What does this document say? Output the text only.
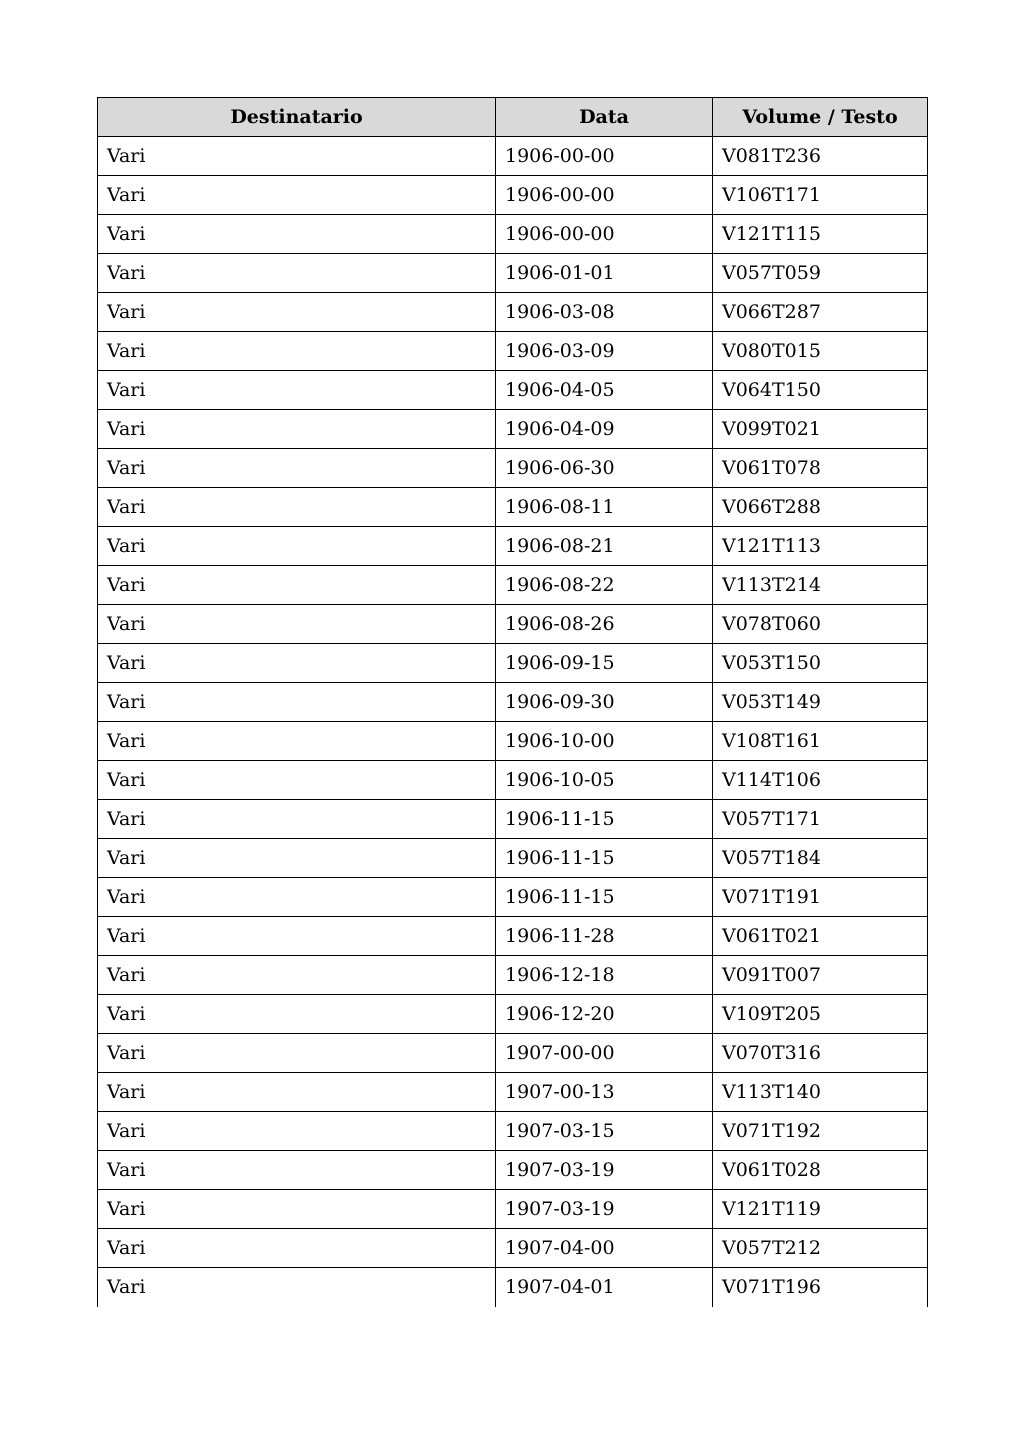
Destinatario	Data	Volume / Testo
Vari	1906-00-00	V081T236
Vari	1906-00-00	V106T171
Vari	1906-00-00	V121T115
Vari	1906-01-01	V057T059
Vari	1906-03-08	V066T287
Vari	1906-03-09	V080T015
Vari	1906-04-05	V064T150
Vari	1906-04-09	V099T021
Vari	1906-06-30	V061T078
Vari	1906-08-11	V066T288
Vari	1906-08-21	V121T113
Vari	1906-08-22	V113T214
Vari	1906-08-26	V078T060
Vari	1906-09-15	V053T150
Vari	1906-09-30	V053T149
Vari	1906-10-00	V108T161
Vari	1906-10-05	V114T106
Vari	1906-11-15	V057T171
Vari	1906-11-15	V057T184
Vari	1906-11-15	V071T191
Vari	1906-11-28	V061T021
Vari	1906-12-18	V091T007
Vari	1906-12-20	V109T205
Vari	1907-00-00	V070T316
Vari	1907-00-13	V113T140
Vari	1907-03-15	V071T192
Vari	1907-03-19	V061T028
Vari	1907-03-19	V121T119
Vari	1907-04-00	V057T212
Vari	1907-04-01	V071T196
